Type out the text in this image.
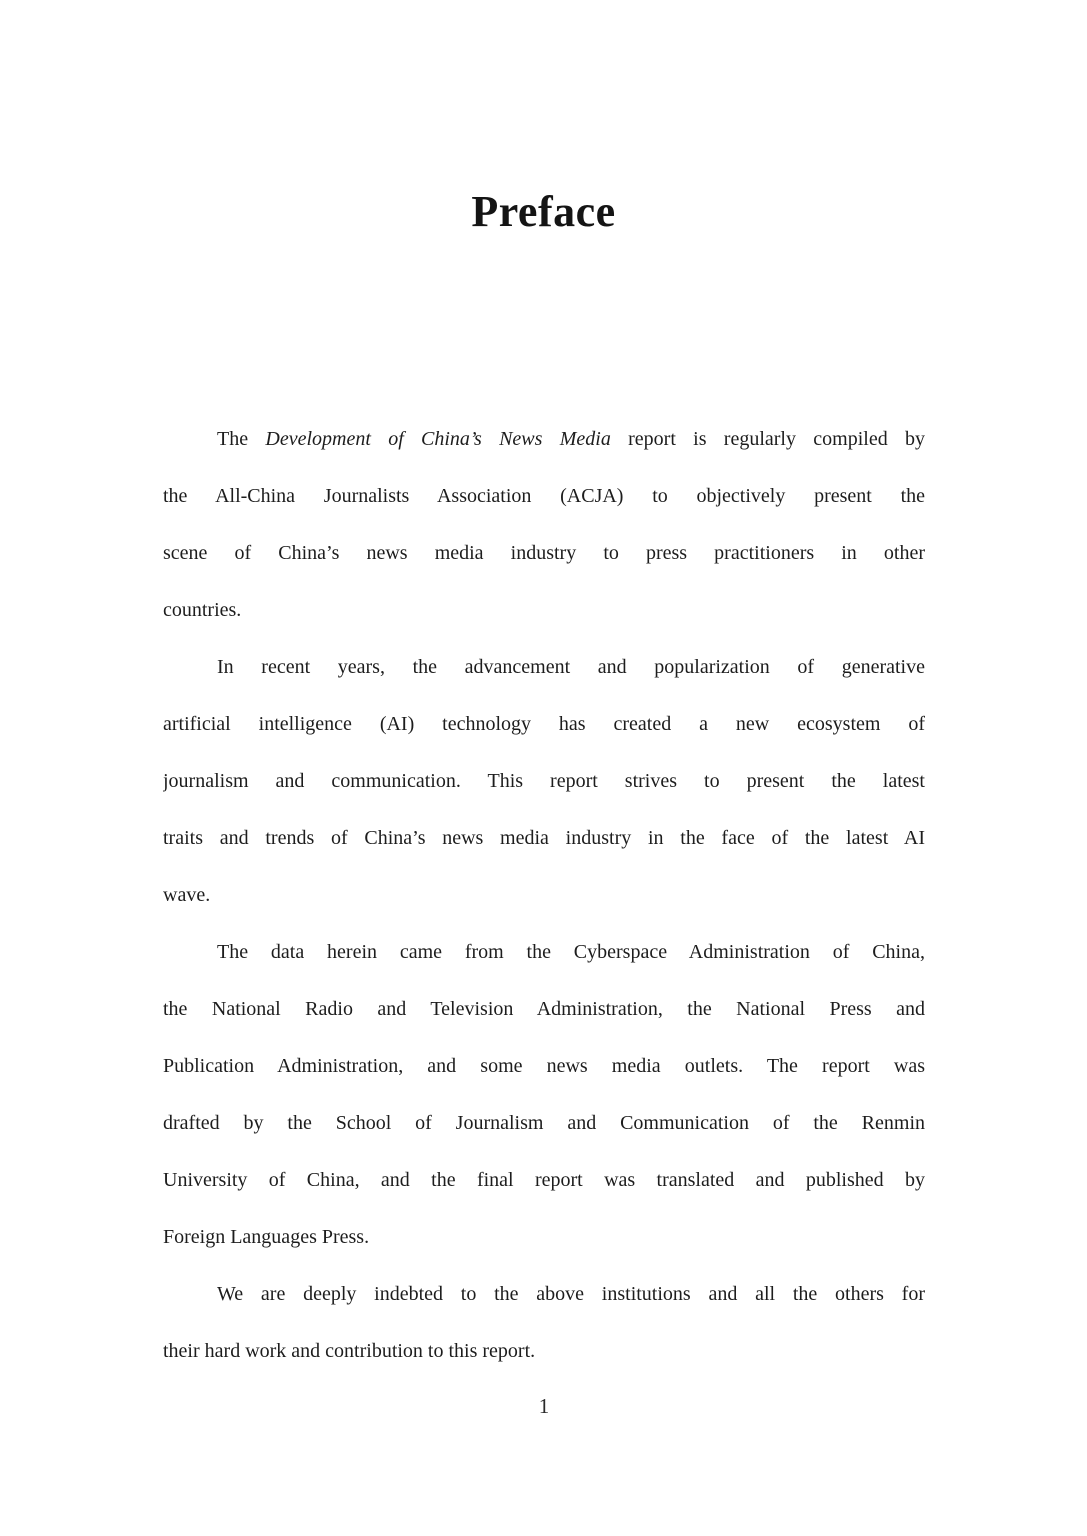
Preface
The Development of China’s News Media report is regularly compiled by
the All-China Journalists Association (ACJA) to objectively present the
scene of China’s news media industry to press practitioners in other
countries.
In recent years, the advancement and popularization of generative
artificial intelligence (AI) technology has created a new ecosystem of
journalism and communication. This report strives to present the latest
traits and trends of China’s news media industry in the face of the latest AI
wave.
The data herein came from the Cyberspace Administration of China,
the National Radio and Television Administration, the National Press and
Publication Administration, and some news media outlets. The report was
drafted by the School of Journalism and Communication of the Renmin
University of China, and the final report was translated and published by
Foreign Languages Press.
We are deeply indebted to the above institutions and all the others for
their hard work and contribution to this report.
1
